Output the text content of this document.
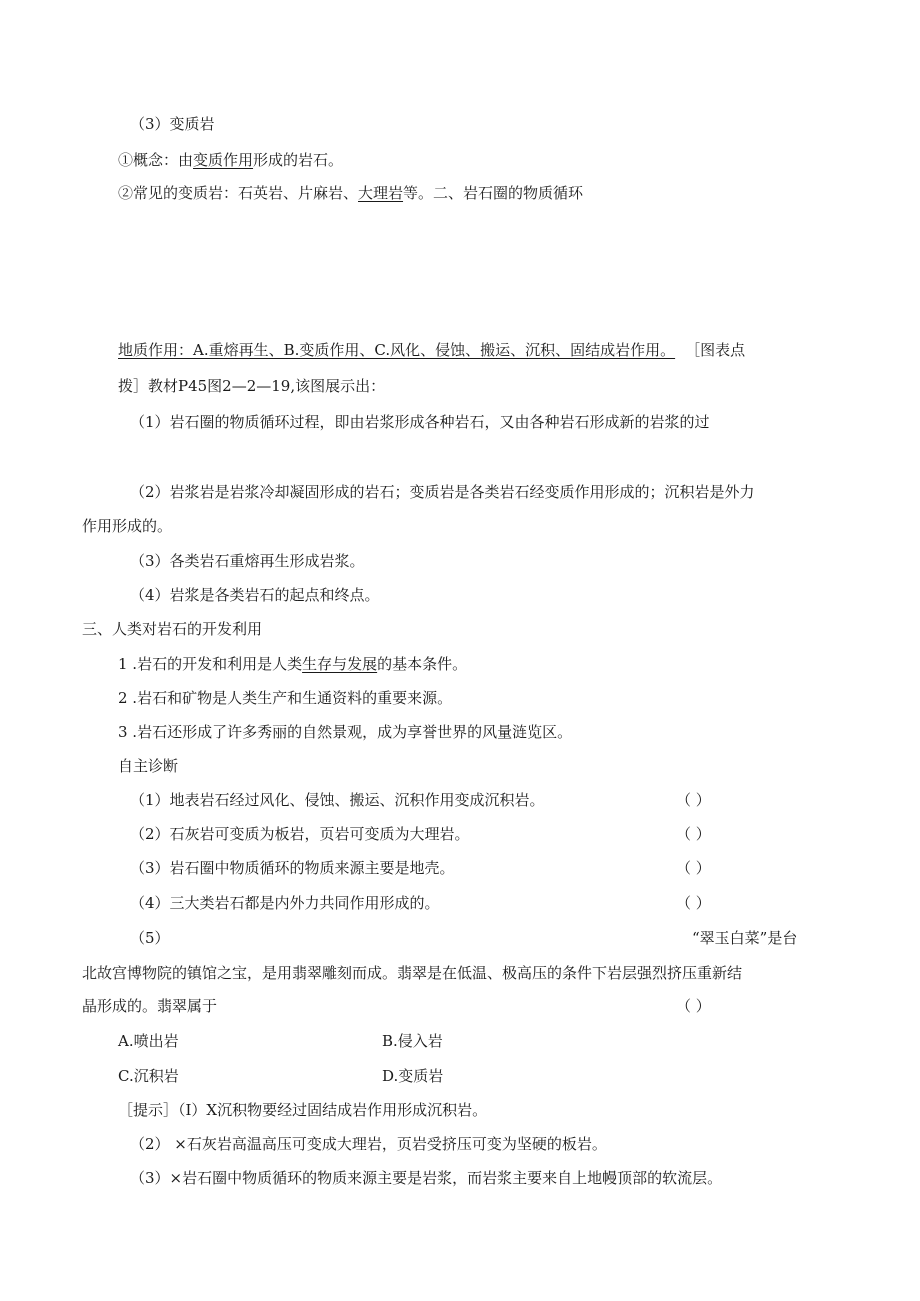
（3）变质岩
①概念：由变质作用形成的岩石。
②常见的变质岩：石英岩、片麻岩、大理岩等。二、岩石圈的物质循环
地质作用：A.重熔再生、B.变质作用、C.风化、侵蚀、搬运、沉积、固结成岩作用。 ［图表点
拨］教材P45图2—2—19,该图展示出：
（1）岩石圈的物质循环过程，即由岩浆形成各种岩石，又由各种岩石形成新的岩浆的过
（2）岩浆岩是岩浆冷却凝固形成的岩石；变质岩是各类岩石经变质作用形成的；沉积岩是外力
作用形成的。
（3）各类岩石重熔再生形成岩浆。
（4）岩浆是各类岩石的起点和终点。
三、人类对岩石的开发利用
1 .岩石的开发和利用是人类生存与发展的基本条件。
2 .岩石和矿物是人类生产和生通资料的重要来源。
3 .岩石还形成了许多秀丽的自然景观，成为享誉世界的风量涟览区。
自主诊断
（1）地表岩石经过风化、侵蚀、搬运、沉积作用变成沉积岩。	（ ）
（2）石灰岩可变质为板岩，页岩可变质为大理岩。	（ ）
（3）岩石圈中物质循环的物质来源主要是地壳。	（ ）
（4）三大类岩石都是内外力共同作用形成的。	（ ）
（5）	“翠玉白菜”是台
北故宫博物院的镇馆之宝，是用翡翠雕刻而成。翡翠是在低温、极高压的条件下岩层强烈挤压重新结
晶形成的。翡翠属于	（ ）
A.喷出岩	B.侵入岩
C.沉积岩	D.变质岩
［提示］（I）X沉积物要经过固结成岩作用形成沉积岩。
（2） ×石灰岩高温高压可变成大理岩，页岩受挤压可变为坚硬的板岩。
（3）×岩石圈中物质循环的物质来源主要是岩浆，而岩浆主要来自上地幔顶部的软流层。
